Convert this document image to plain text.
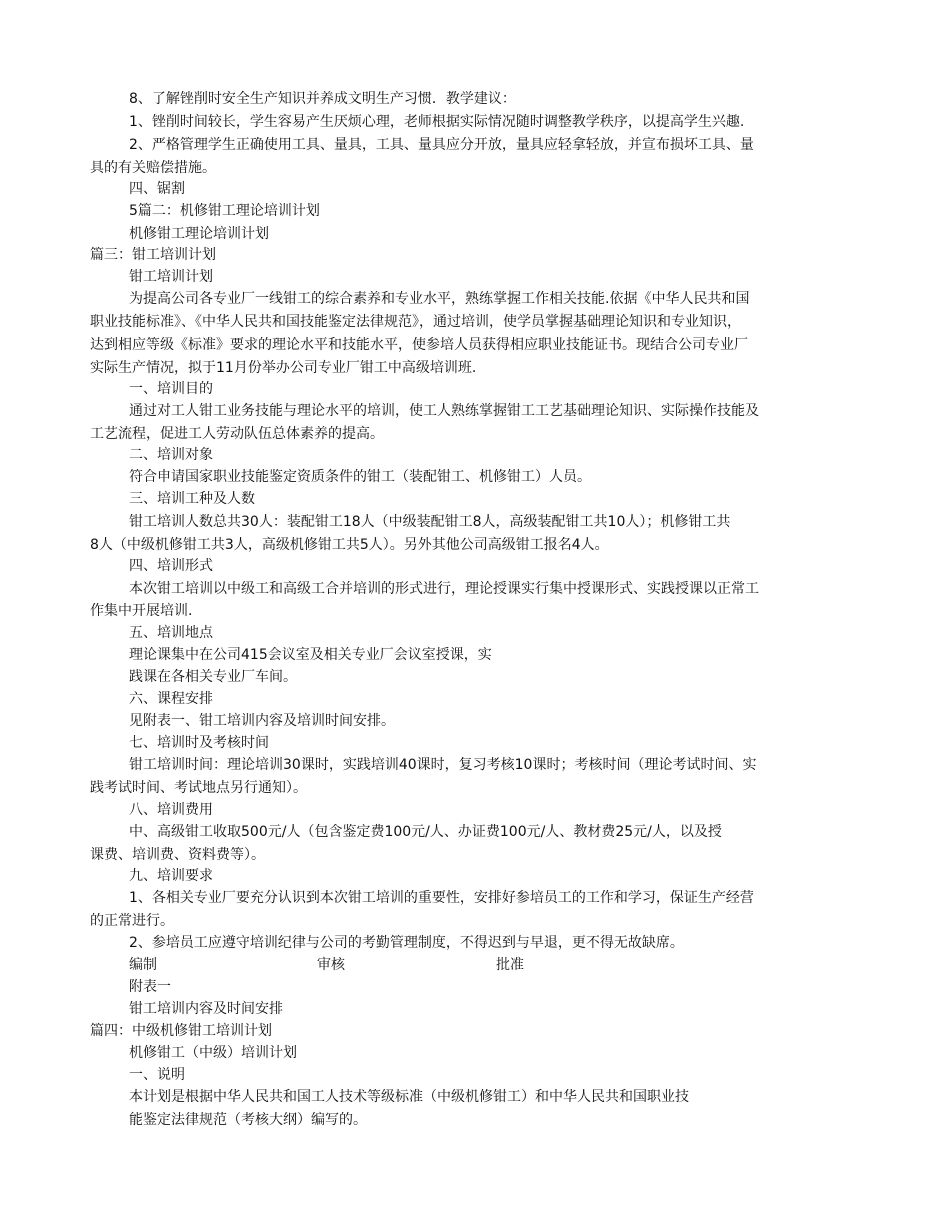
8、了解锉削时安全生产知识并养成文明生产习惯．教学建议：
1、锉削时间较长，学生容易产生厌烦心理，老师根据实际情况随时调整教学秩序，以提高学生兴趣.
2、严格管理学生正确使用工具、量具，工具、量具应分开放，量具应轻拿轻放，并宣布损坏工具、量
具的有关赔偿措施。
四、锯割
5篇二：机修钳工理论培训计划
机修钳工理论培训计划
篇三：钳工培训计划
钳工培训计划
为提高公司各专业厂一线钳工的综合素养和专业水平，熟练掌握工作相关技能.依据《中华人民共和国
职业技能标准》、《中华人民共和国技能鉴定法律规范》，通过培训，使学员掌握基础理论知识和专业知识，
达到相应等级《标准》要求的理论水平和技能水平，使参培人员获得相应职业技能证书。现结合公司专业厂
实际生产情况，拟于11月份举办公司专业厂钳工中高级培训班.
一、培训目的
通过对工人钳工业务技能与理论水平的培训，使工人熟练掌握钳工工艺基础理论知识、实际操作技能及
工艺流程，促进工人劳动队伍总体素养的提高。
二、培训对象
符合申请国家职业技能鉴定资质条件的钳工（装配钳工、机修钳工）人员。
三、培训工种及人数
钳工培训人数总共30人：装配钳工18人（中级装配钳工8人，高级装配钳工共10人）；机修钳工共
8人（中级机修钳工共3人，高级机修钳工共5人）。另外其他公司高级钳工报名4人。
四、培训形式
本次钳工培训以中级工和高级工合并培训的形式进行，理论授课实行集中授课形式、实践授课以正常工
作集中开展培训.
五、培训地点
理论课集中在公司415会议室及相关专业厂会议室授课，实
践课在各相关专业厂车间。
六、课程安排
见附表一、钳工培训内容及培训时间安排。
七、培训时及考核时间
钳工培训时间：理论培训30课时，实践培训40课时，复习考核10课时；考核时间（理论考试时间、实
践考试时间、考试地点另行通知）。
八、培训费用
中、高级钳工收取500元/人（包含鉴定费100元/人、办证费100元/人、教材费25元/人，以及授
课费、培训费、资料费等）。
九、培训要求
1、各相关专业厂要充分认识到本次钳工培训的重要性，安排好参培员工的工作和学习，保证生产经营
的正常进行。
2、参培员工应遵守培训纪律与公司的考勤管理制度，不得迟到与早退，更不得无故缺席。
编制	审核	批准
附表一
钳工培训内容及时间安排
篇四：中级机修钳工培训计划
机修钳工（中级）培训计划
一、说明
本计划是根据中华人民共和国工人技术等级标准（中级机修钳工）和中华人民共和国职业技
能鉴定法律规范（考核大纲）编写的。
